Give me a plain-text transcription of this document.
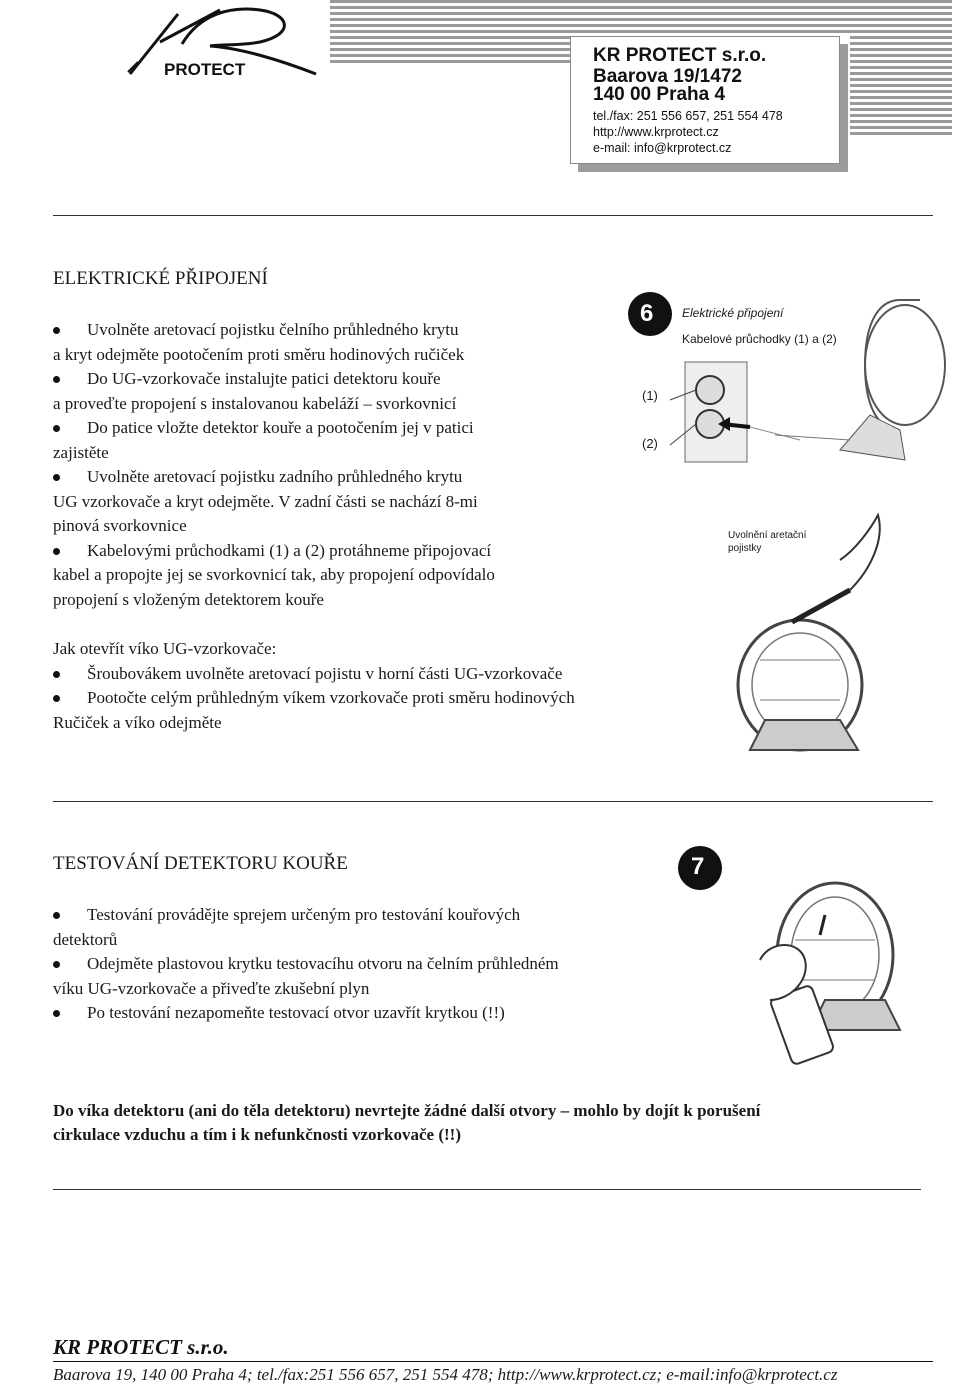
PROTECT
KR PROTECT s.r.o.
Baarova 19/1472
140 00 Praha 4
tel./fax: 251 556 657, 251 554 478
http://www.krprotect.cz
e-mail: info@krprotect.cz
ELEKTRICKÉ PŘIPOJENÍ
Uvolněte aretovací pojistku čelního průhledného krytu
a kryt odejměte pootočením proti směru hodinových ručiček
Do UG-vzorkovače instalujte patici detektoru kouře
a proveďte propojení s instalovanou kabeláží – svorkovnicí
Do patice vložte detektor kouře a pootočením jej v patici
zajistěte
Uvolněte aretovací pojistku zadního průhledného krytu
UG vzorkovače a kryt odejměte. V zadní části se nachází 8-mi
pinová svorkovnice
Kabelovými průchodkami (1) a (2) protáhneme připojovací
kabel a propojte jej se svorkovnicí tak, aby propojení odpovídalo
propojení s vloženým detektorem kouře
Jak otevřít víko UG-vzorkovače:
Šroubovákem uvolněte aretovací pojistu v horní části UG-vzorkovače
Pootočte celým průhledným víkem vzorkovače proti směru hodinových
Ručiček a víko odejměte
6 Elektrické připojení
Kabelové průchodky (1) a (2)
(1)
(2)
Uvolnění aretační
pojistky
TESTOVÁNÍ DETEKTORU KOUŘE
Testování provádějte sprejem určeným pro testování kouřových
detektorů
Odejměte plastovou krytku testovacíhu otvoru na čelním průhledném
víku UG-vzorkovače a přiveďte zkušební plyn
Po testování nezapomeňte testovací otvor uzavřít krytkou (!!)
7
Do víka detektoru (ani do těla detektoru) nevrtejte žádné další otvory – mohlo by dojít k porušení
cirkulace vzduchu a tím i k nefunkčnosti vzorkovače (!!)
KR PROTECT s.r.o.
Baarova 19, 140 00 Praha 4; tel./fax:251 556 657, 251 554 478; http://www.krprotect.cz; e-mail:info@krprotect.cz
